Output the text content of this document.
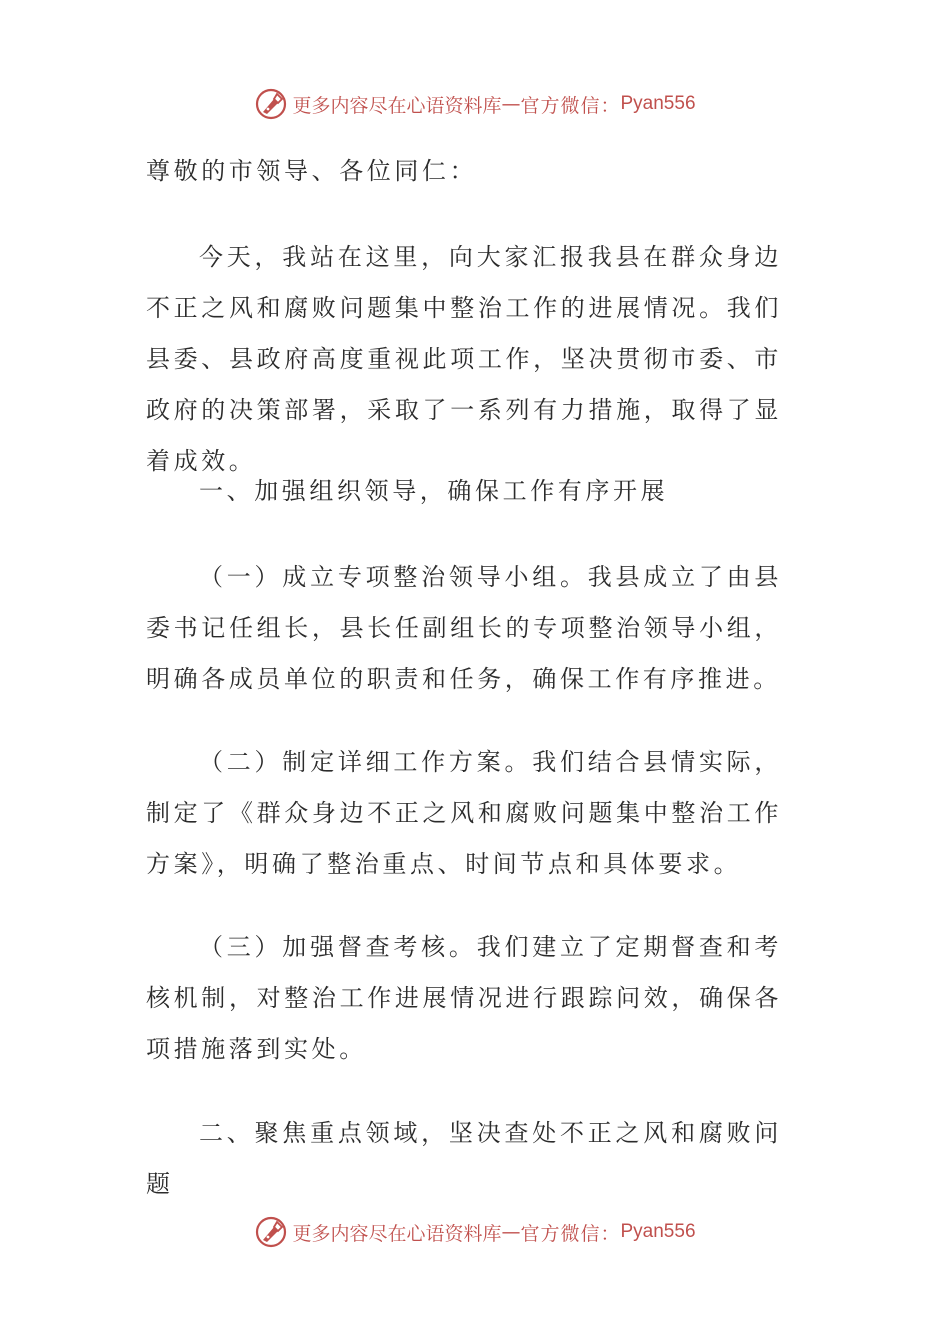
更多内容尽在心语资料库 — 官方微信： Pyan556

尊敬的市领导、各位同仁：

今天，我站在这里，向大家汇报我县在群众身边不正之风和腐败问题集中整治工作的进展情况。我们县委、县政府高度重视此项工作，坚决贯彻市委、市政府的决策部署，采取了一系列有力措施，取得了显着成效。

一、加强组织领导，确保工作有序开展

（一）成立专项整治领导小组。我县成立了由县委书记任组长，县长任副组长的专项整治领导小组，明确各成员单位的职责和任务，确保工作有序推进。

（二）制定详细工作方案。我们结合县情实际，制定了《群众身边不正之风和腐败问题集中整治工作方案》，明确了整治重点、时间节点和具体要求。

（三）加强督查考核。我们建立了定期督查和考核机制，对整治工作进展情况进行跟踪问效，确保各项措施落到实处。

二、聚焦重点领域，坚决查处不正之风和腐败问题

更多内容尽在心语资料库 — 官方微信： Pyan556
